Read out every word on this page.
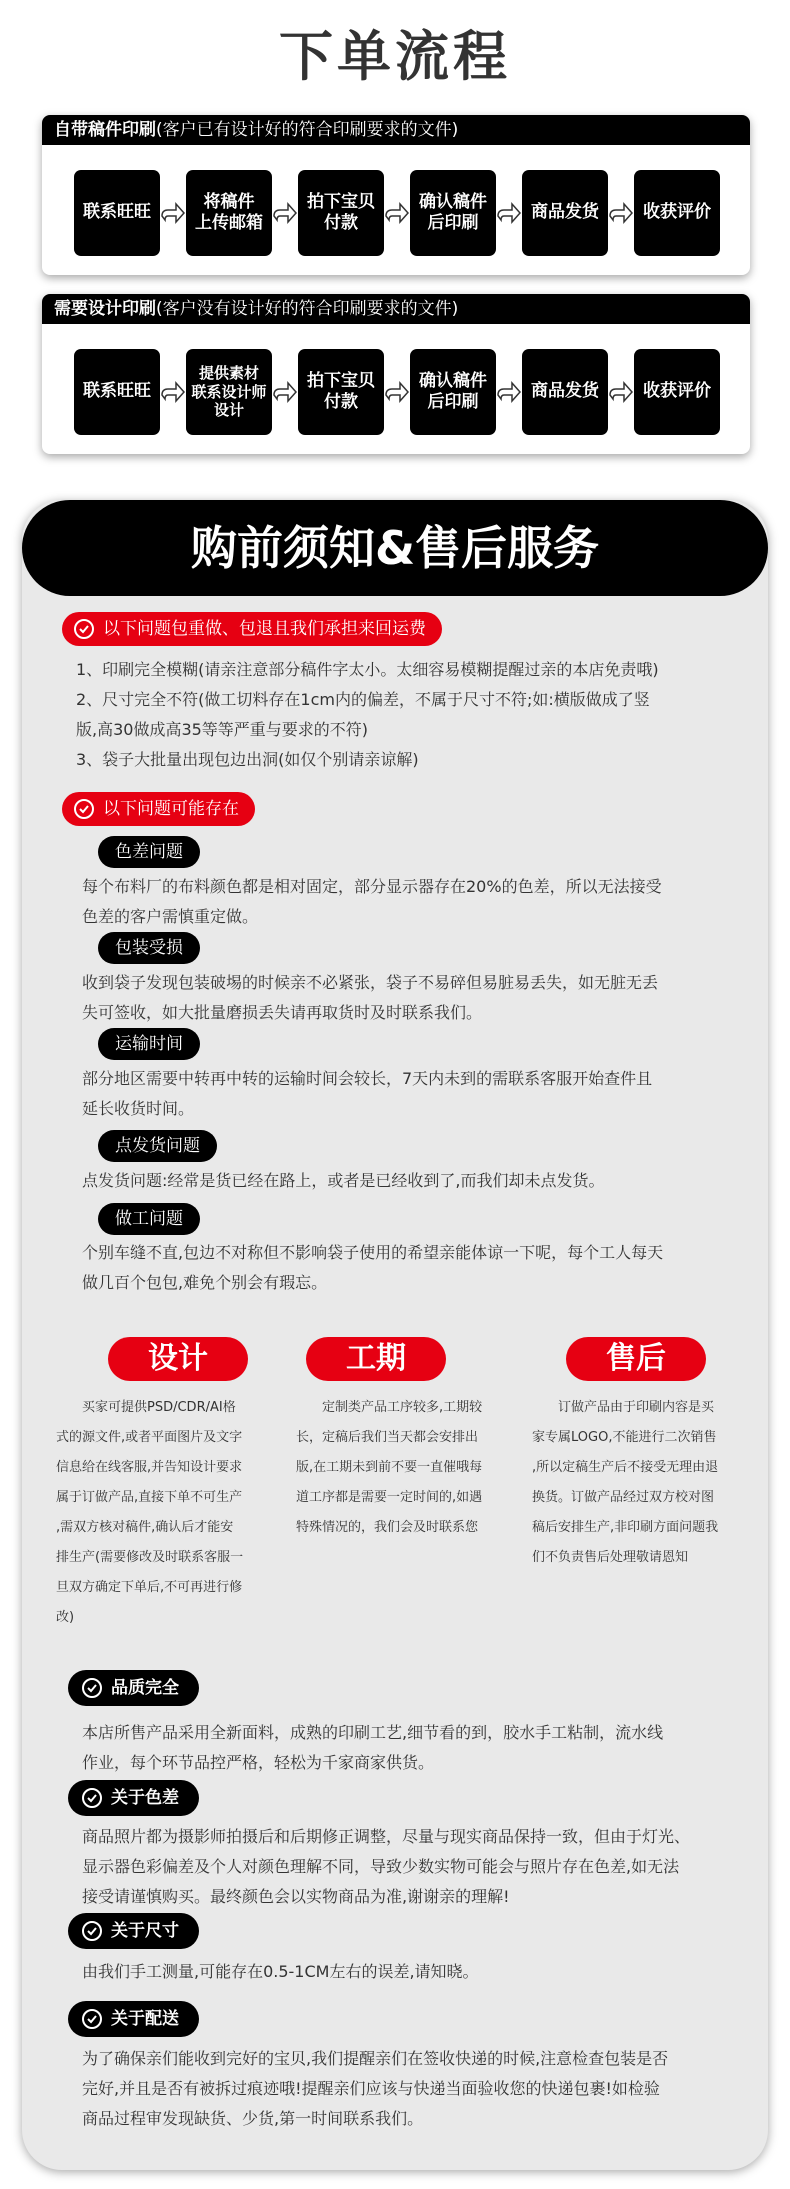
下单流程
自带稿件印刷(客户已有设计好的符合印刷要求的文件)
联系旺旺
将稿件
上传邮箱
拍下宝贝
付款
确认稿件
后印刷
商品发货	收获评价
需要设计印刷(客户没有设计好的符合印刷要求的文件)
联系旺旺
提供素材
联系设计师
设计
拍下宝贝
付款
确认稿件
后印刷
商品发货	收获评价
购前须知&售后服务
以下问题包重做、包退且我们承担来回运费
1、印刷完全模糊(请亲注意部分稿件字太小。太细容易模糊提醒过亲的本店免责哦)
2、尺寸完全不符(做工切料存在1cm内的偏差，不属于尺寸不符;如:横版做成了竖
版,高30做成高35等等严重与要求的不符)
3、袋子大批量出现包边出洞(如仅个别请亲谅解)
以下问题可能存在
色差问题
每个布料厂的布料颜色都是相对固定，部分显示器存在20%的色差，所以无法接受
色差的客户需慎重定做。
包装受损
收到袋子发现包装破埸的时候亲不必紧张，袋子不易碎但易脏易丢失，如无脏无丢
失可签收，如大批量磨损丢失请再取货时及时联系我们。
运输时间
部分地区需要中转再中转的运输时间会较长，7天内未到的需联系客服开始查件且
延长收货时间。
点发货问题
点发货问题:经常是货已经在路上，或者是已经收到了,而我们却未点发货。
做工问题
个别车缝不直,包边不对称但不影响袋子使用的希望亲能体谅一下呢，每个工人每天
做几百个包包,难免个别会有瑕忘。
设计
买家可提供PSD/CDR/AI格
式的源文件,或者平面图片及文字
信息给在线客服,并告知设计要求
属于订做产品,直接下单不可生产
,需双方核对稿件,确认后才能安
排生产(需要修改及时联系客服一
旦双方确定下单后,不可再进行修
改)
工期
定制类产品工序较多,工期较
长，定稿后我们当天都会安排出
版,在工期未到前不要一直催哦每
道工序都是需要一定时间的,如遇
特殊情况的，我们会及时联系您
售后
订做产品由于印刷内容是买
家专属LOGO,不能进行二次销售
,所以定稿生产后不接受无理由退
换货。订做产品经过双方校对图
稿后安排生产,非印刷方面问题我
们不负责售后处理敬请恩知
品质完全
本店所售产品采用全新面料，成熟的印刷工艺,细节看的到，胶水手工粘制，流水线
作业，每个环节品控严格，轻松为千家商家供货。
关于色差
商品照片都为摄影师拍摄后和后期修正调整，尽量与现实商品保持一致，但由于灯光、
显示器色彩偏差及个人对颜色理解不同，导致少数实物可能会与照片存在色差,如无法
接受请谨慎购买。最终颜色会以实物商品为准,谢谢亲的理解!
关于尺寸
由我们手工测量,可能存在0.5-1CM左右的误差,请知晓。
关于配送
为了确保亲们能收到完好的宝贝,我们提醒亲们在签收快递的时候,注意检查包装是否
完好,并且是否有被拆过痕迹哦!提醒亲们应该与快递当面验收您的快递包裹!如检验
商品过程审发现缺货、少货,第一时间联系我们。
